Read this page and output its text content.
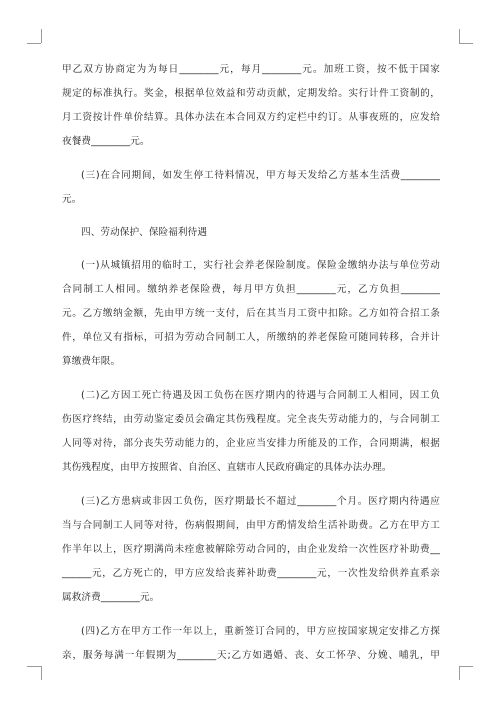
甲乙双方协商定为为每日________元，每月________元。加班工资，按不低于国家
规定的标准执行。奖金，根据单位效益和劳动贡献，定期发给。实行计件工资制的，
月工资按计件单价结算。具体办法在本合同双方约定栏中约订。从事夜班的，应发给
夜餐费________元。
(三)在合同期间，如发生停工待料情况，甲方每天发给乙方基本生活费________
元。
四、劳动保护、保险福利待遇
(一)从城镇招用的临时工，实行社会养老保险制度。保险金缴纳办法与单位劳动
合同制工人相同。缴纳养老保险费，每月甲方负担________元，乙方负担________
元。乙方缴纳金额，先由甲方统一支付，后在其当月工资中扣除。乙方如符合招工条
件，单位又有指标，可招为劳动合同制工人，所缴纳的养老保险可随同转移，合并计
算缴费年限。
(二)乙方因工死亡待遇及因工负伤在医疗期内的待遇与合同制工人相同，因工负
伤医疗终结，由劳动鉴定委员会确定其伤残程度。完全丧失劳动能力的，与合同制工
人同等对待，部分丧失劳动能力的，企业应当安排力所能及的工作，合同期满，根据
其伤残程度，由甲方按照省、自治区、直辖市人民政府确定的具体办法办理。
(三)乙方患病或非因工负伤，医疗期最长不超过________个月。医疗期内待遇应
当与合同制工人同等对待，伤病假期间，由甲方酌情发给生活补助费。乙方在甲方工
作半年以上，医疗期满尚未痊愈被解除劳动合同的，由企业发给一次性医疗补助费__
______元，乙方死亡的，甲方应发给丧葬补助费________元，一次性发给供养直系亲
属救济费________元。
(四)乙方在甲方工作一年以上，重新签订合同的，甲方应按国家规定安排乙方探
亲，服务每满一年假期为________天;乙方如遇婚、丧、女工怀孕、分娩、哺乳，甲
